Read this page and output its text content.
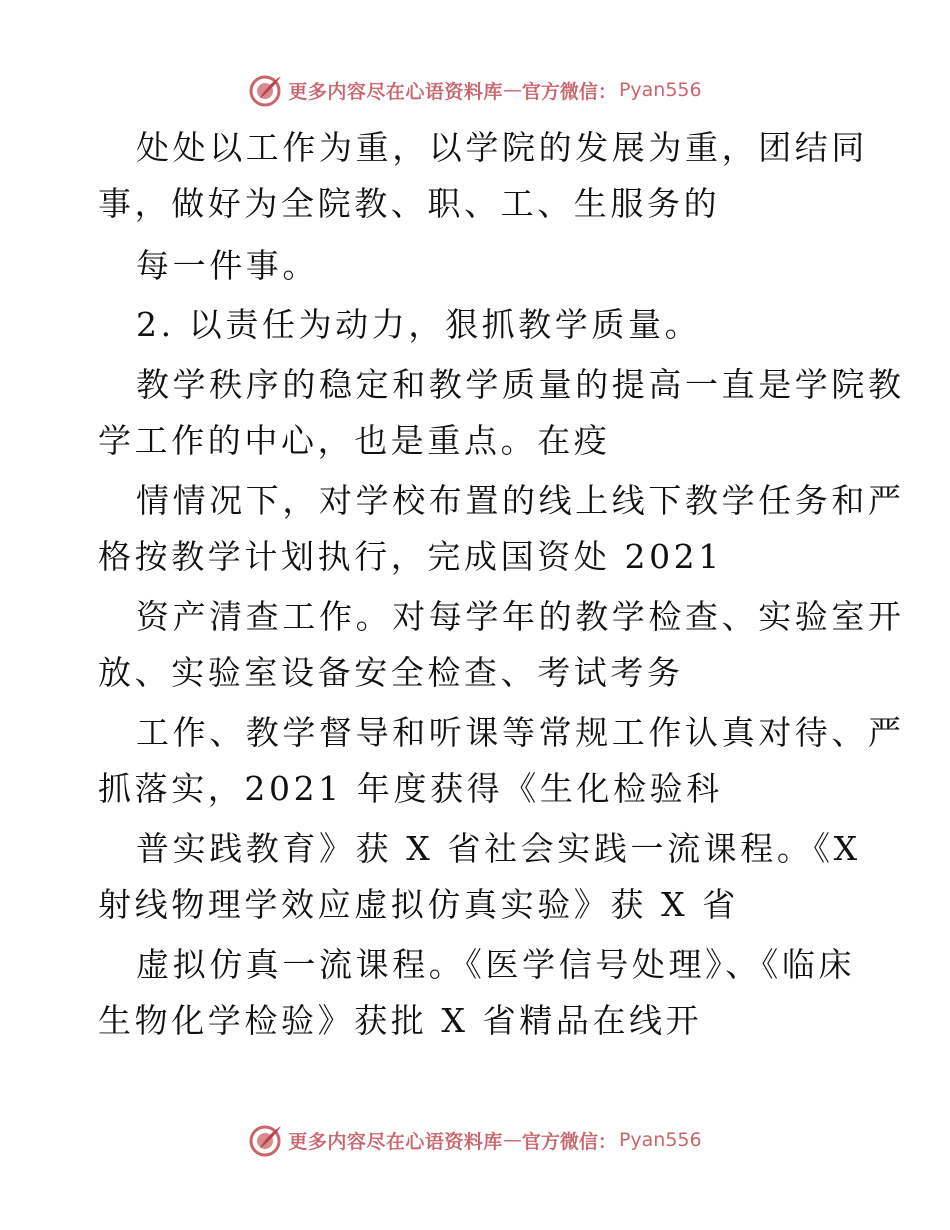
更多内容尽在心语资料库 — 官方微信： Pyan556
处处以工作为重，以学院的发展为重，团结同
事，做好为全院教、职、工、生服务的
每一件事。
2. 以责任为动力，狠抓教学质量。
教学秩序的稳定和教学质量的提高一直是学院教
学工作的中心，也是重点。在疫
情情况下，对学校布置的线上线下教学任务和严
格按教学计划执行，完成国资处 2021
资产清查工作。对每学年的教学检查、实验室开
放、实验室设备安全检查、考试考务
工作、教学督导和听课等常规工作认真对待、严
抓落实，2021 年度获得《生化检验科
普实践教育》获 X 省社会实践一流课程。《X
射线物理学效应虚拟仿真实验》获 X 省
虚拟仿真一流课程。《医学信号处理》、《临床
生物化学检验》获批 X 省精品在线开
更多内容尽在心语资料库 — 官方微信： Pyan556
